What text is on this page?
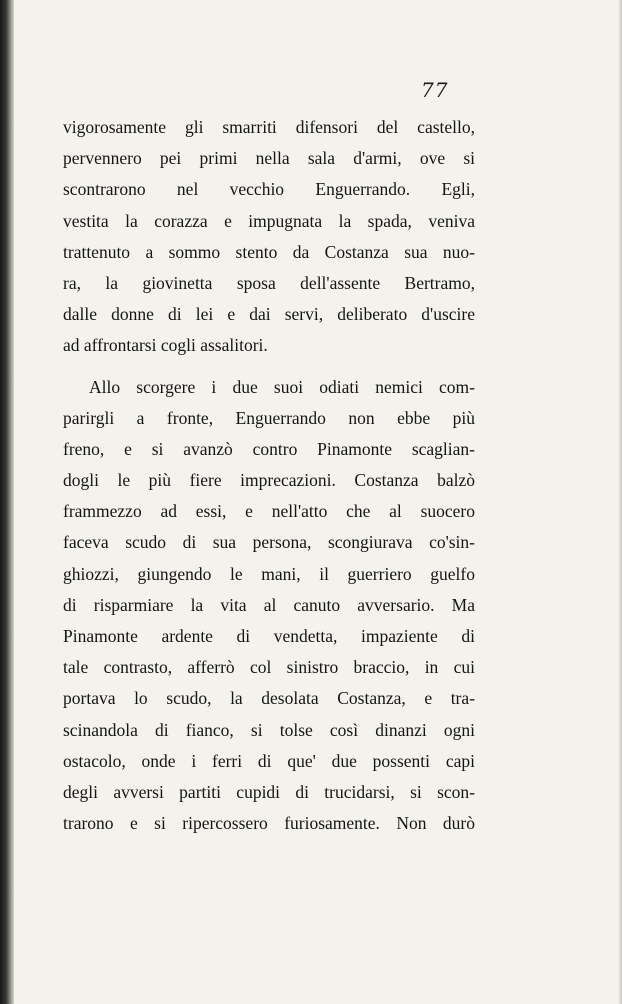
77
vigorosamente gli smarriti difensori del castello,
pervennero pei primi nella sala d'armi, ove si
scontrarono nel vecchio Enguerrando. Egli,
vestita la corazza e impugnata la spada, veniva
trattenuto a sommo stento da Costanza sua nuo-
ra, la giovinetta sposa dell'assente Bertramo,
dalle donne di lei e dai servi, deliberato d'uscire
ad affrontarsi cogli assalitori.
Allo scorgere i due suoi odiati nemici com-
parirgli a fronte, Enguerrando non ebbe più
freno, e si avanzò contro Pinamonte scaglian-
dogli le più fiere imprecazioni. Costanza balzò
frammezzo ad essi, e nell'atto che al suocero
faceva scudo di sua persona, scongiurava co'sin-
ghiozzi, giungendo le mani, il guerriero guelfo
di risparmiare la vita al canuto avversario. Ma
Pinamonte ardente di vendetta, impaziente di
tale contrasto, afferrò col sinistro braccio, in cui
portava lo scudo, la desolata Costanza, e tra-
scinandola di fianco, si tolse così dinanzi ogni
ostacolo, onde i ferri di que' due possenti capi
degli avversi partiti cupidi di trucidarsi, si scon-
trarono e si ripercossero furiosamente. Non durò
